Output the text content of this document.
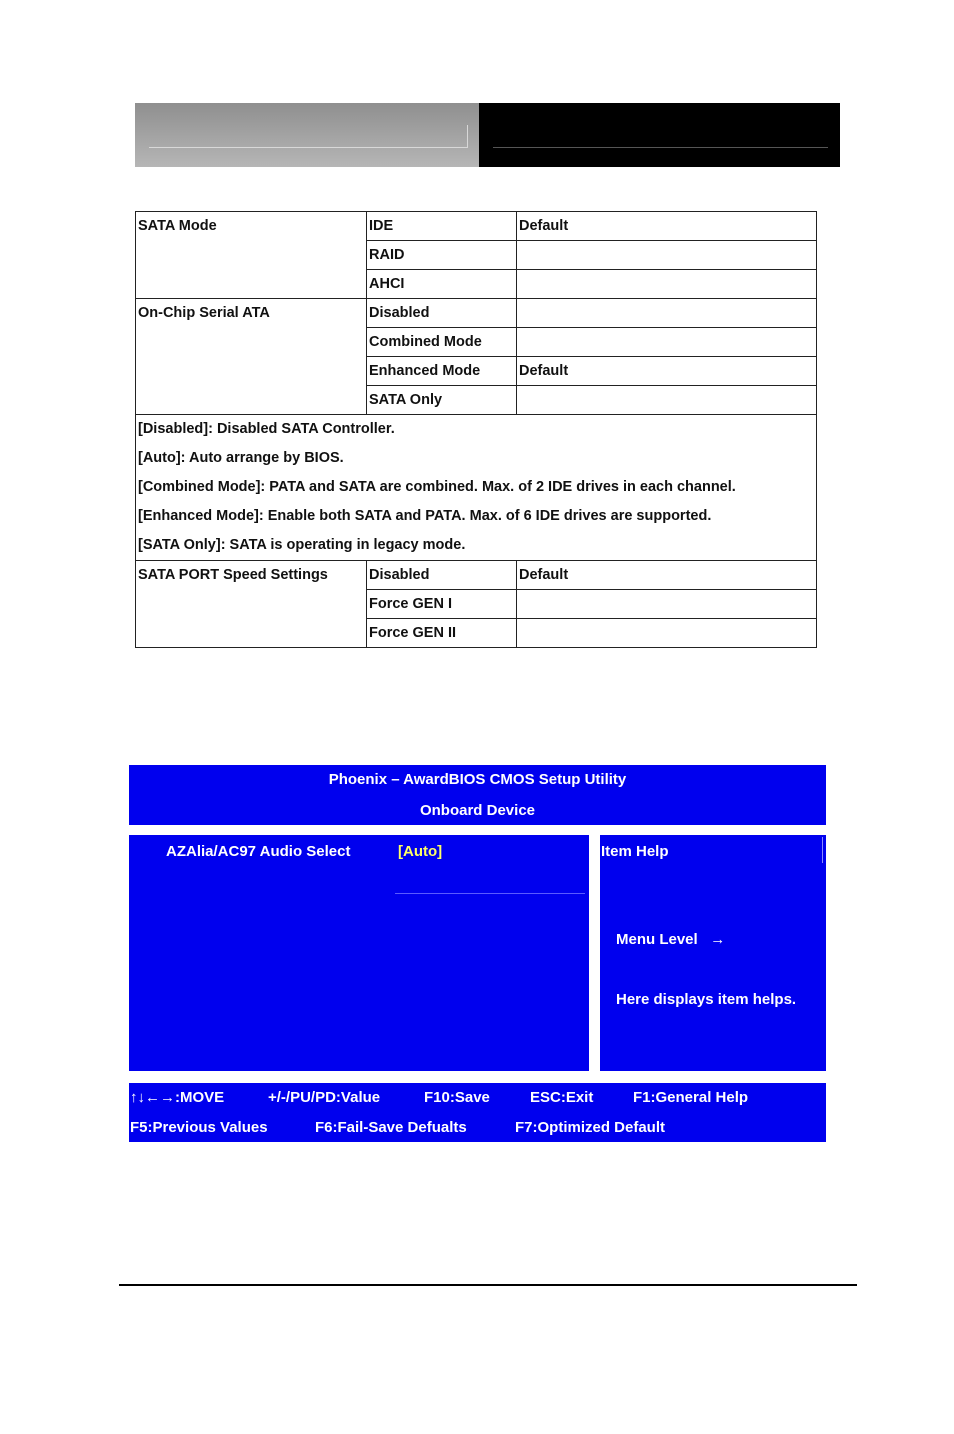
SATA Mode	IDE	Default
	RAID	
	AHCI	
On-Chip Serial ATA	Disabled	
	Combined Mode	
	Enhanced Mode	Default
	SATA Only	

[Disabled]: Disabled SATA Controller.
[Auto]: Auto arrange by BIOS.
[Combined Mode]: PATA and SATA are combined. Max. of 2 IDE drives in each channel.
[Enhanced Mode]: Enable both SATA and PATA. Max. of 6 IDE drives are supported.
[SATA Only]: SATA is operating in legacy mode.		

SATA PORT Speed Settings	Disabled	Default
	Force GEN I	
	Force GEN II	
Phoenix – AwardBIOS CMOS Setup Utility
Onboard Device
AZAlia/AC97 Audio Select	[Auto]	Item Help
Menu Level   →
Here displays item helps.
↑↓←→:MOVE	+/-/PU/PD:Value	F10:Save	ESC:Exit	F1:General Help
F5:Previous Values	F6:Fail-Save Defualts	F7:Optimized Default
